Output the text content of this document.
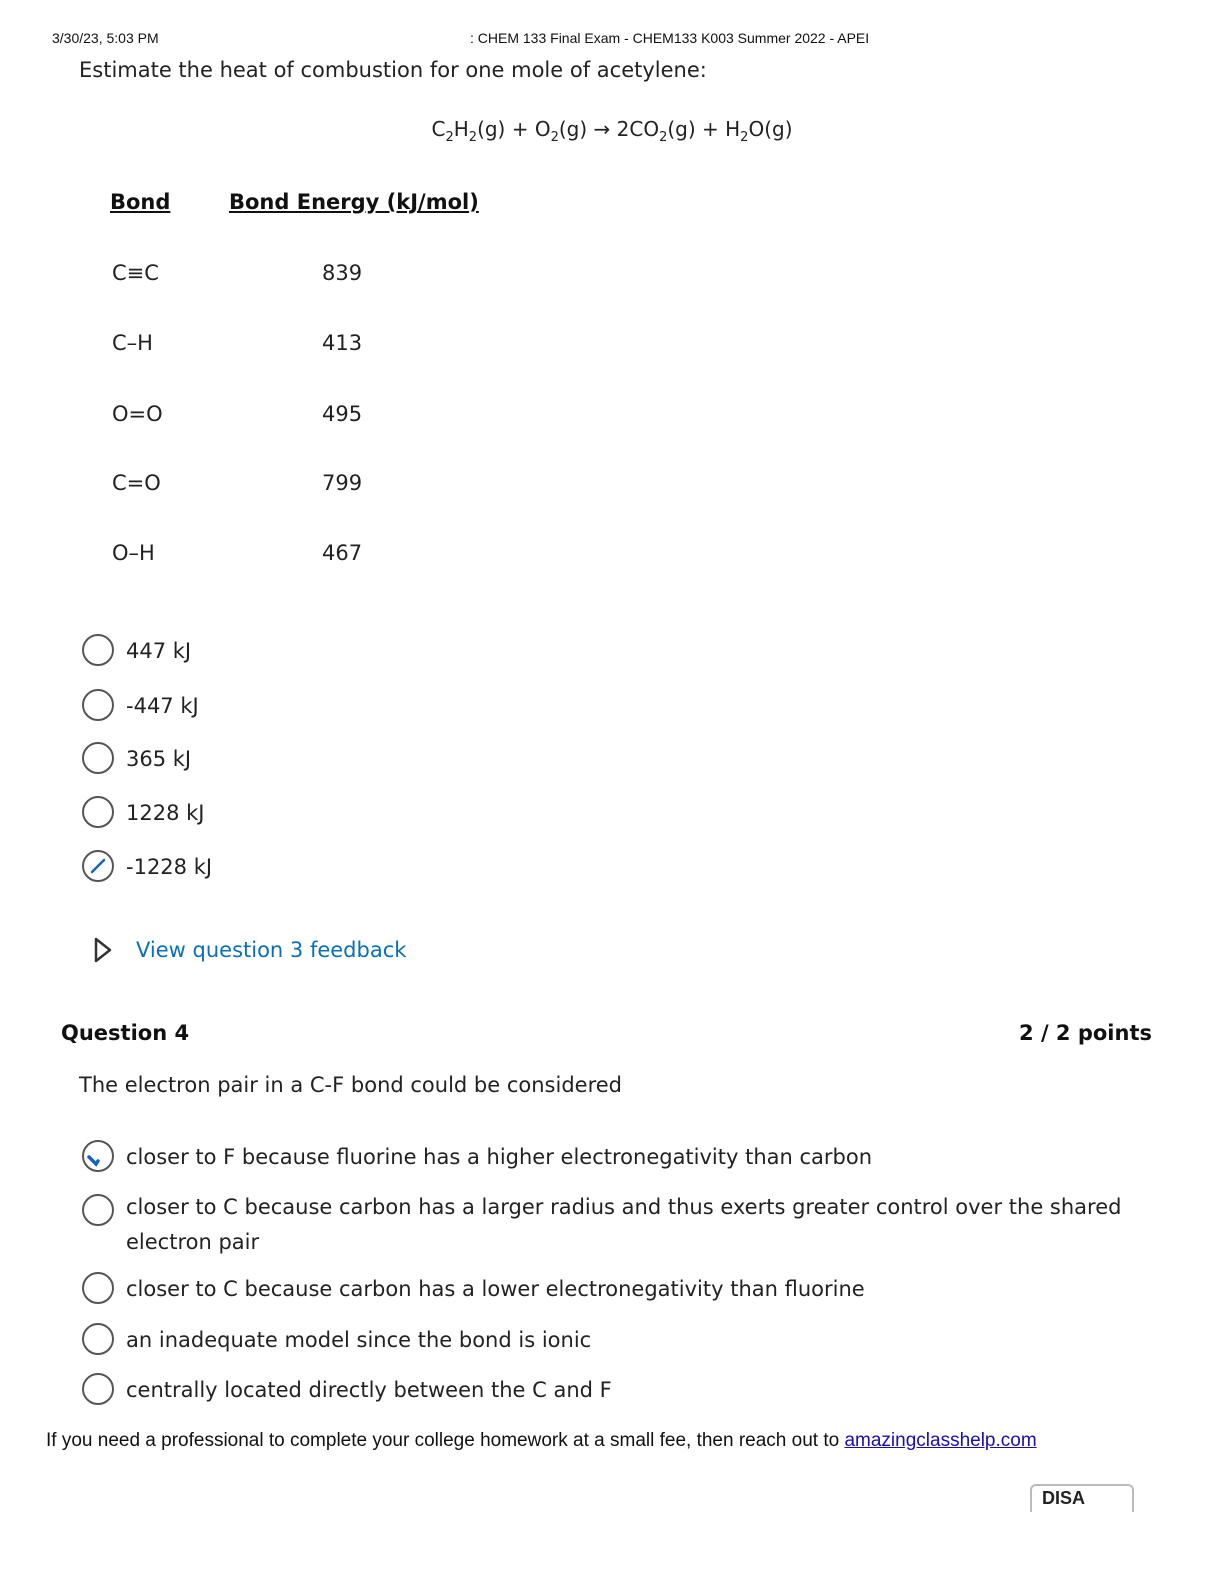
3/30/23, 5:03 PM	: CHEM 133 Final Exam - CHEM133 K003 Summer 2022 - APEI
Estimate the heat of combustion for one mole of acetylene:
$C_2H_2(g) + O_2(g) \to 2CO_2(g) + H_2O(g)$
Bond	Bond Energy (kJ/mol)
C≡C	839
C–H	413
O=O	495
C=O	799
O–H	467
447 kJ
-447 kJ
365 kJ
1228 kJ
-1228 kJ
View question 3 feedback
Question 4	2 / 2 points
The electron pair in a C-F bond could be considered
closer to F because fluorine has a higher electronegativity than carbon
closer to C because carbon has a larger radius and thus exerts greater control over the shared electron pair
closer to C because carbon has a lower electronegativity than fluorine
an inadequate model since the bond is ionic
centrally located directly between the C and F
If you need a professional to complete your college homework at a small fee, then reach out to amazingclasshelp.com
DISA
